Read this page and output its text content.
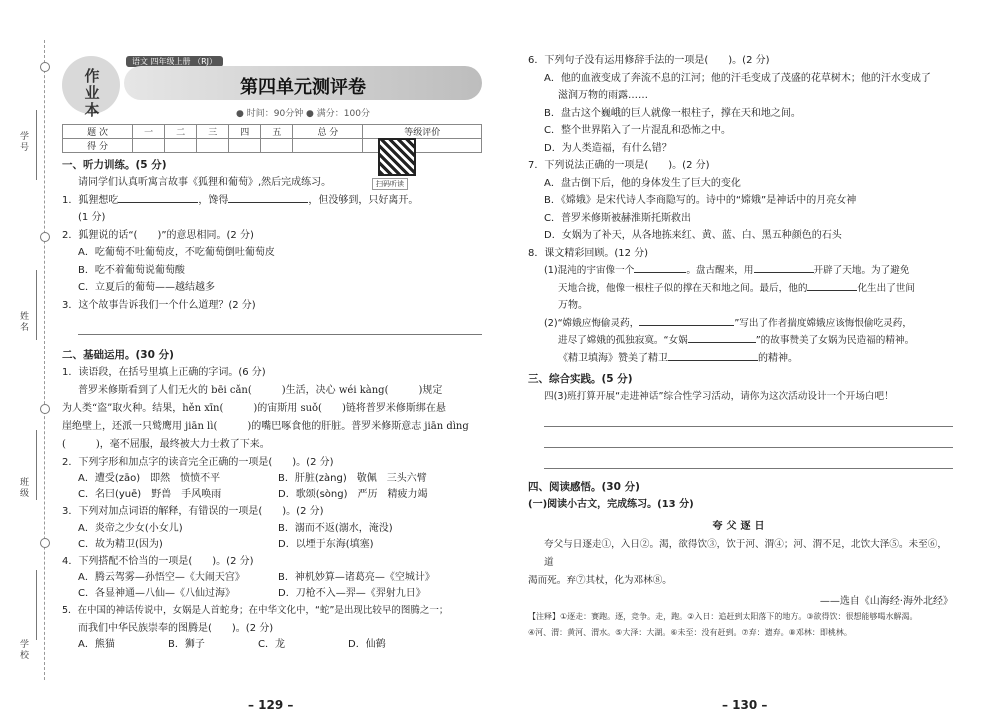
学号
姓名
班级
学校
作业本
语文 四年级上册 （RJ）
第四单元测评卷
● 时间：90分钟 ● 满分：100分
题 次	一	二	三	四	五	总 分	等级评价
得 分							
一、听力训练。(5 分)
请同学们认真听寓言故事《狐狸和葡萄》,然后完成练习。
1．狐狸想吃	，馋得	，但没够到，只好离开。
(1 分)
2．狐狸说的话“(　　)”的意思相同。(2 分)
A．吃葡萄不吐葡萄皮，不吃葡萄倒吐葡萄皮
B．吃不着葡萄说葡萄酸
C．立夏后的葡萄——越结越多
3．这个故事告诉我们一个什么道理？(2 分)
二、基础运用。(30 分)
1．读语段，在括号里填上正确的字词。(6 分)
普罗米修斯看到了人们无火的 bēi cǎn(　　　)生活，决心 wéi kàng(　　　)规定
为人类“盗”取火种。结果，hěn xīn(　　　)的宙斯用 suǒ(　　)链将普罗米修斯绑在悬
崖绝壁上，还派一只鹫鹰用 jiān lì(　　　)的嘴巴啄食他的肝脏。普罗米修斯意志 jiān dìng
(　　　)，毫不屈服，最终被大力士救了下来。
2．下列字形和加点字的读音完全正确的一项是(　　)。(2 分)
A．遭受(zāo)　 即然　 愤愤不平	B．肝脏(zàng)　 敬佩　 三头六臂
C．名曰(yuē)　 野兽　 手风唤雨	D．歌颂(sòng)　 严历　 精疲力竭
3．下列对加点词语的解释，有错误的一项是(　　)。(2 分)
A．炎帝之少女(小女儿)	B．溺而不返(溺水，淹没)
C．故为精卫(因为)	D．以堙于东海(填塞)
4．下列搭配不恰当的一项是(　　)。(2 分)
A．腾云驾雾—孙悟空—《大闹天宫》	B．神机妙算—诸葛亮—《空城计》
C．各显神通—八仙—《八仙过海》	D．刀枪不入—羿—《羿射九日》
5．在中国的神话传说中，女娲是人首蛇身；在中华文化中，“蛇”是出现比较早的图腾之一；
而我们中华民族崇奉的图腾是(　　)。(2 分)
A．熊猫	B．狮子	C．龙	D．仙鹤
扫码听读
– 129 –
6．下列句子没有运用修辞手法的一项是(　　)。(2 分)
A．他的血液变成了奔流不息的江河；他的汗毛变成了茂盛的花草树木；他的汗水变成了
滋润万物的雨露……
B．盘古这个巍峨的巨人就像一根柱子，撑在天和地之间。
C．整个世界陷入了一片混乱和恐怖之中。
D．为人类造福，有什么错？
7．下列说法正确的一项是(　　)。(2 分)
A．盘古倒下后，他的身体发生了巨大的变化
B．《嫦娥》是宋代诗人李商隐写的。诗中的“嫦娥”是神话中的月亮女神
C．普罗米修斯被赫淮斯托斯救出
D．女娲为了补天，从各地拣来红、黄、蓝、白、黑五种颜色的石头
8．课文精彩回顾。(12 分)
(1)混沌的宇宙像一个	。盘古醒来，用	开辟了天地。为了避免
天地合拢，他像一根柱子似的撑在天和地之间。最后，他的	化生出了世间
万物。
(2)“嫦娥应悔偷灵药，	”写出了作者揣度嫦娥应该悔恨偷吃灵药，
进尽了嫦娥的孤独寂寞。“女娲	”的故事赞美了女娲为民造福的精神。
《精卫填海》赞美了精卫	的精神。
三、综合实践。(5 分)
四(3)班打算开展“走进神话”综合性学习活动，请你为这次活动设计一个开场白吧！
四、阅读感悟。(30 分)
(一)阅读小古文，完成练习。(13 分)
夸父逐日
夸父与日逐走①，入日②。渴，欲得饮③，饮于河、渭④；河、渭不足，北饮大泽⑤。未至⑥，道
渴而死。弃⑦其杖，化为邓林⑧。
——选自《山海经·海外北经》
【注释】①逐走：赛跑。逐，竞争。走，跑。②入日：追赶到太阳落下的地方。③欲得饮：很想能够喝水解渴。
④河、渭：黄河、渭水。⑤大泽：大湖。⑥未至：没有赶到。⑦弃：遗弃。⑧邓林：即桃林。
– 130 –
